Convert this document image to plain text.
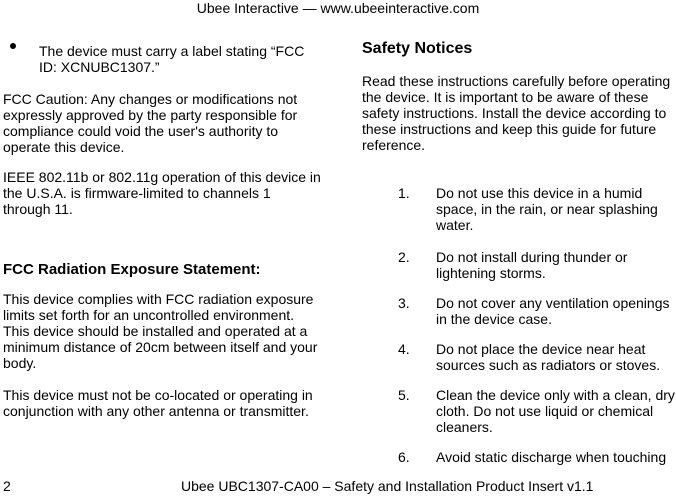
Ubee Interactive — www.ubeeinteractive.com

The device must carry a label stating “FCC ID: XCNUBC1307.”

FCC Caution: Any changes or modifications not expressly approved by the party responsible for compliance could void the user's authority to operate this device.

IEEE 802.11b or 802.11g operation of this device in the U.S.A. is firmware-limited to channels 1 through 11.

FCC Radiation Exposure Statement:

This device complies with FCC radiation exposure limits set forth for an uncontrolled environment. This device should be installed and operated at a minimum distance of 20cm between itself and your body.

This device must not be co-located or operating in conjunction with any other antenna or transmitter.

Safety Notices

Read these instructions carefully before operating the device. It is important to be aware of these safety instructions. Install the device according to these instructions and keep this guide for future reference.

1.	Do not use this device in a humid space, in the rain, or near splashing water.
2.	Do not install during thunder or lightening storms.
3.	Do not cover any ventilation openings in the device case.
4.	Do not place the device near heat sources such as radiators or stoves.
5.	Clean the device only with a clean, dry cloth. Do not use liquid or chemical cleaners.
6.	Avoid static discharge when touching
2	Ubee UBC1307-CA00 – Safety and Installation Product Insert v1.1
